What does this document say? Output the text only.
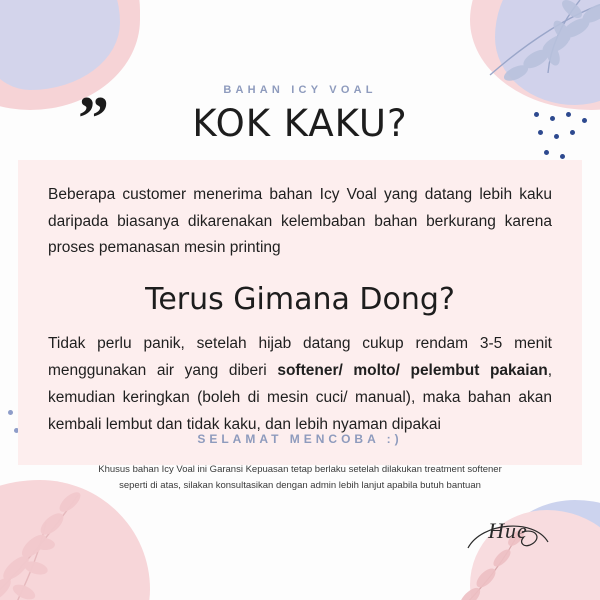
BAHAN ICY VOAL
”	KOK KAKU?

Beberapa customer menerima bahan Icy Voal yang datang lebih kaku daripada biasanya dikarenakan kelembaban bahan berkurang karena proses pemanasan mesin printing

Terus Gimana Dong?

Tidak perlu panik, setelah hijab datang cukup rendam 3-5 menit menggunakan air yang diberi softener/ molto/ pelembut pakaian, kemudian keringkan (boleh di mesin cuci/ manual), maka bahan akan kembali lembut dan tidak kaku, dan lebih nyaman dipakai

SELAMAT MENCOBA :)
Khusus bahan Icy Voal ini Garansi Kepuasan tetap berlaku setelah dilakukan treatment softener
seperti di atas, silakan konsultasikan dengan admin lebih lanjut apabila butuh bantuan
Hue
